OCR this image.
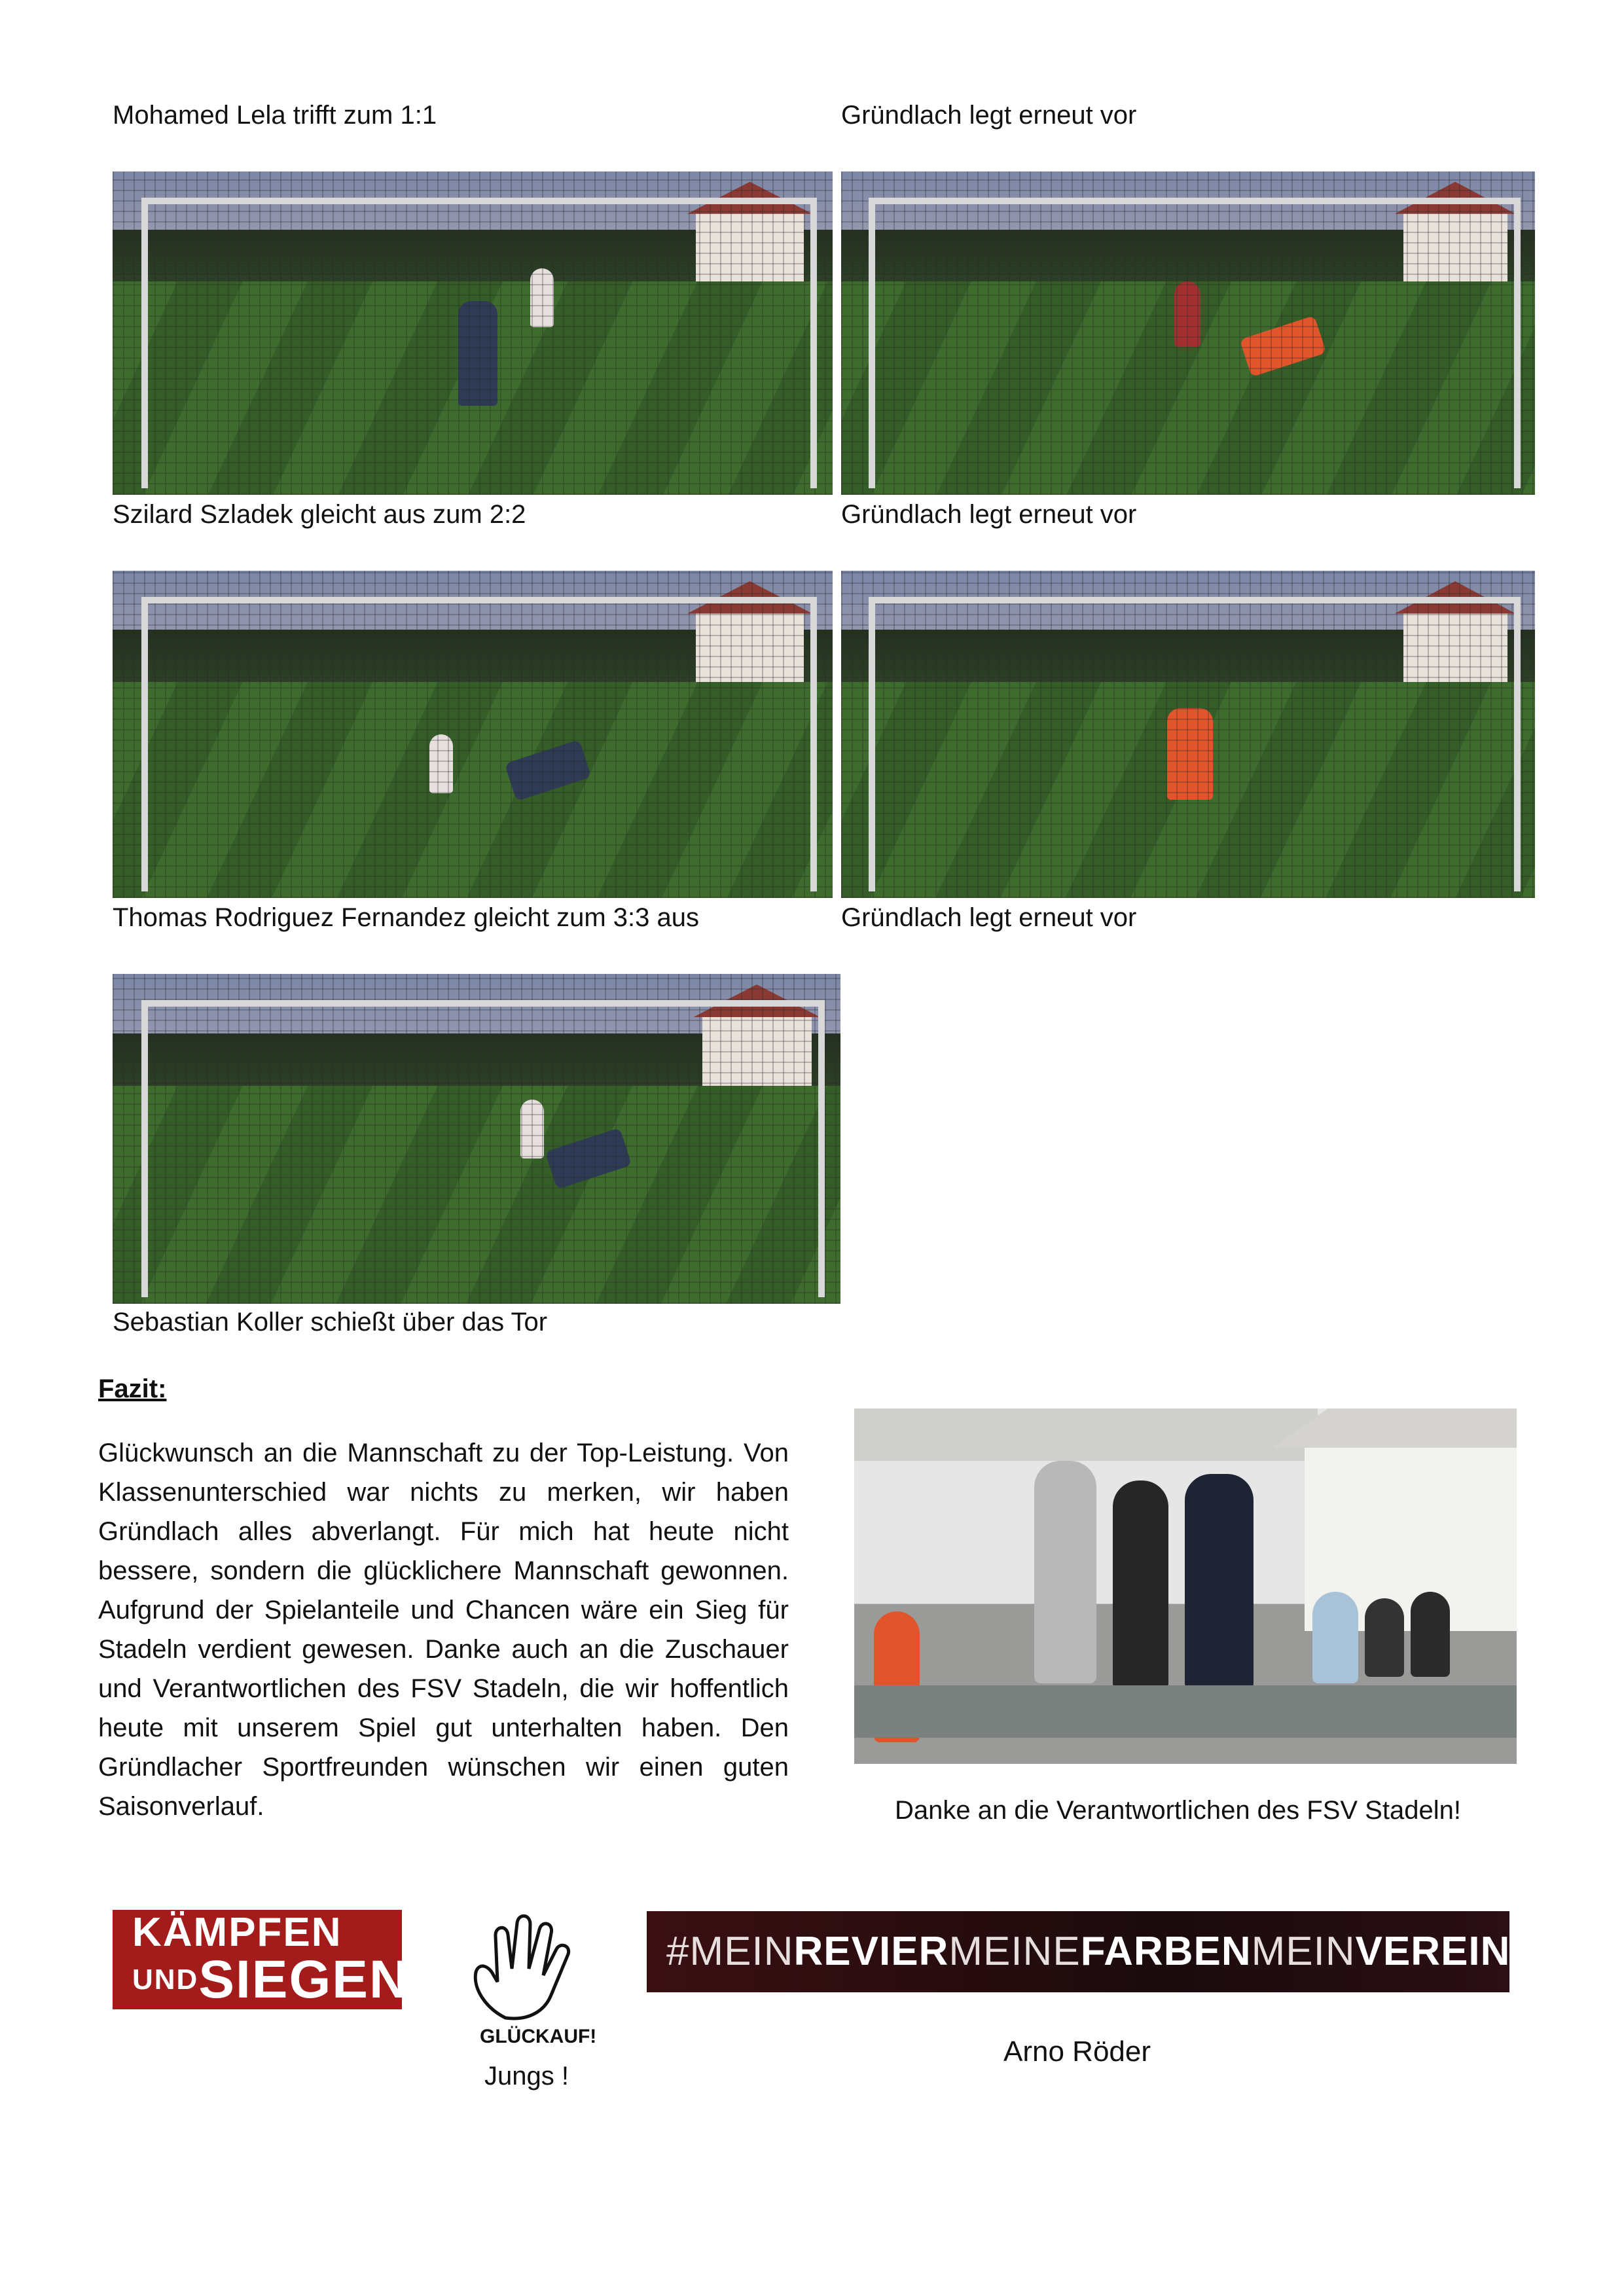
Mohamed Lela trifft zum 1:1	Gründlach legt erneut vor
Szilard Szladek gleicht aus zum 2:2	Gründlach legt erneut vor
Thomas Rodriguez Fernandez gleicht zum 3:3 aus	Gründlach legt erneut vor
Sebastian Koller schießt über das Tor
Fazit:
Glückwunsch an die Mannschaft zu der Top-Leistung. Von Klassenunterschied war nichts zu merken, wir haben Gründlach alles abverlangt. Für mich hat heute nicht bessere, sondern die glücklichere Mannschaft gewonnen. Aufgrund der Spielanteile und Chancen wäre ein Sieg für Stadeln verdient gewesen. Danke auch an die Zuschauer und Verantwortlichen des FSV Stadeln, die wir hoffentlich heute mit unserem Spiel gut unterhalten haben. Den Gründlacher Sportfreunden wünschen wir einen guten Saisonverlauf.	Danke an die Verantwortlichen des FSV Stadeln!
KÄMPFEN
$^{UND}$SIEGEN
GLÜCKAUF!
Jungs !
#MEINREVIERMEINEFARBENMEINVEREIN
Arno Röder
